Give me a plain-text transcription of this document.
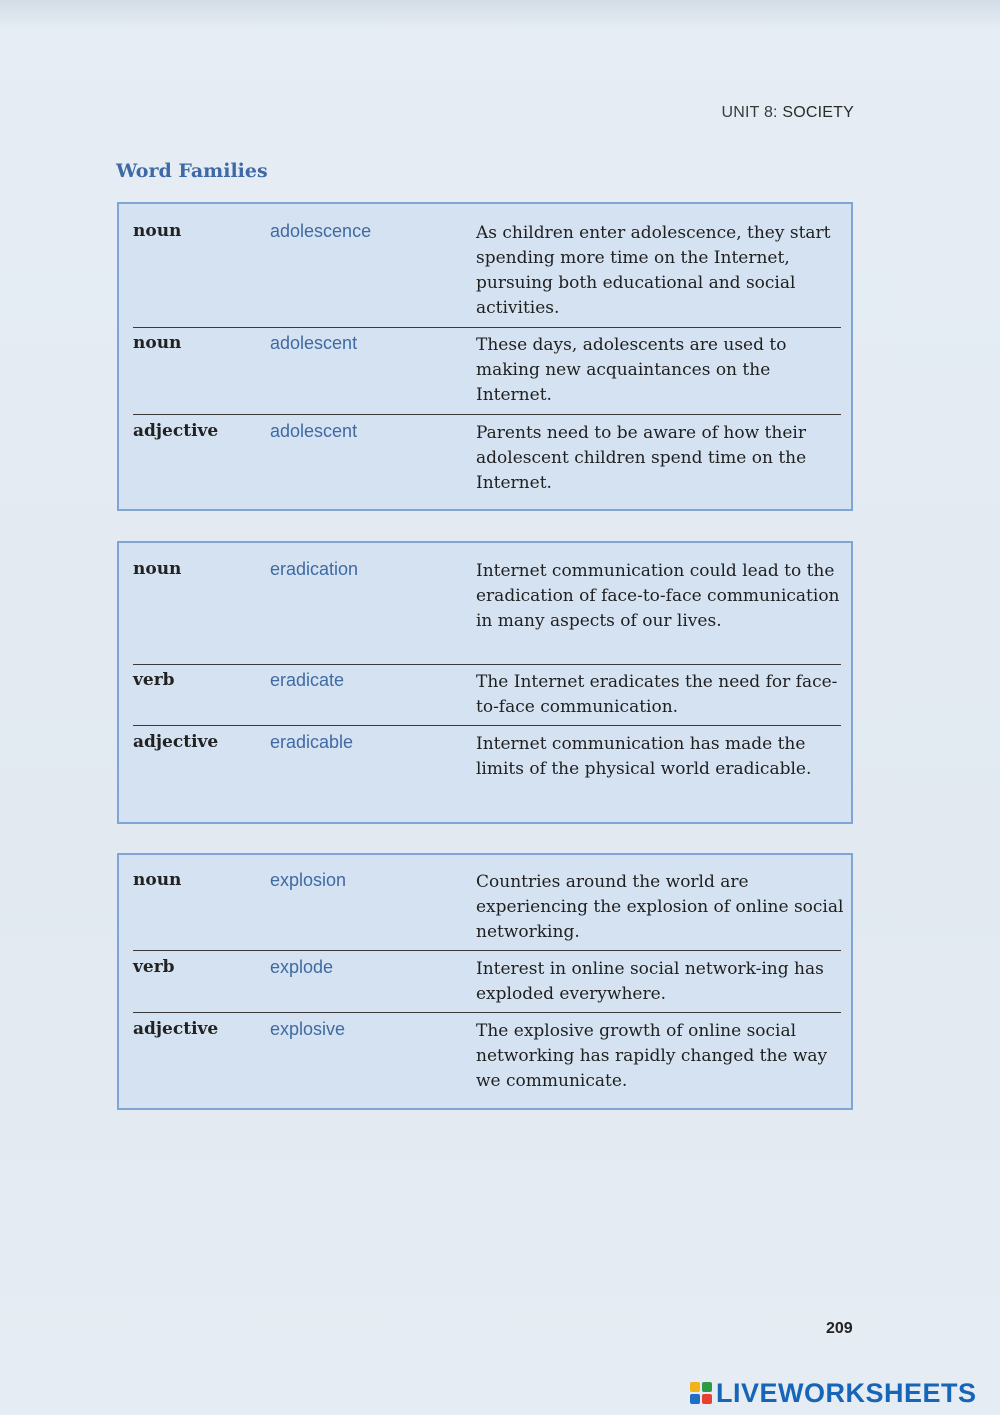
UNIT 8: SOCIETY
Word Families
noun	adolescence	As children enter adolescence, they start spending more time on the Internet, pursuing both educational and social activities.
noun	adolescent	These days, adolescents are used to making new acquaintances on the Internet.
adjective	adolescent	Parents need to be aware of how their adolescent children spend time on the Internet.
noun	eradication	Internet communication could lead to the eradication of face-to-face communication in many aspects of our lives.
verb	eradicate	The Internet eradicates the need for face-to-face communication.
adjective	eradicable	Internet communication has made the limits of the physical world eradicable.
noun	explosion	Countries around the world are experiencing the explosion of online social networking.
verb	explode	Interest in online social network-ing has exploded everywhere.
adjective	explosive	The explosive growth of online social networking has rapidly changed the way we communicate.
209
LIVEWORKSHEETS
